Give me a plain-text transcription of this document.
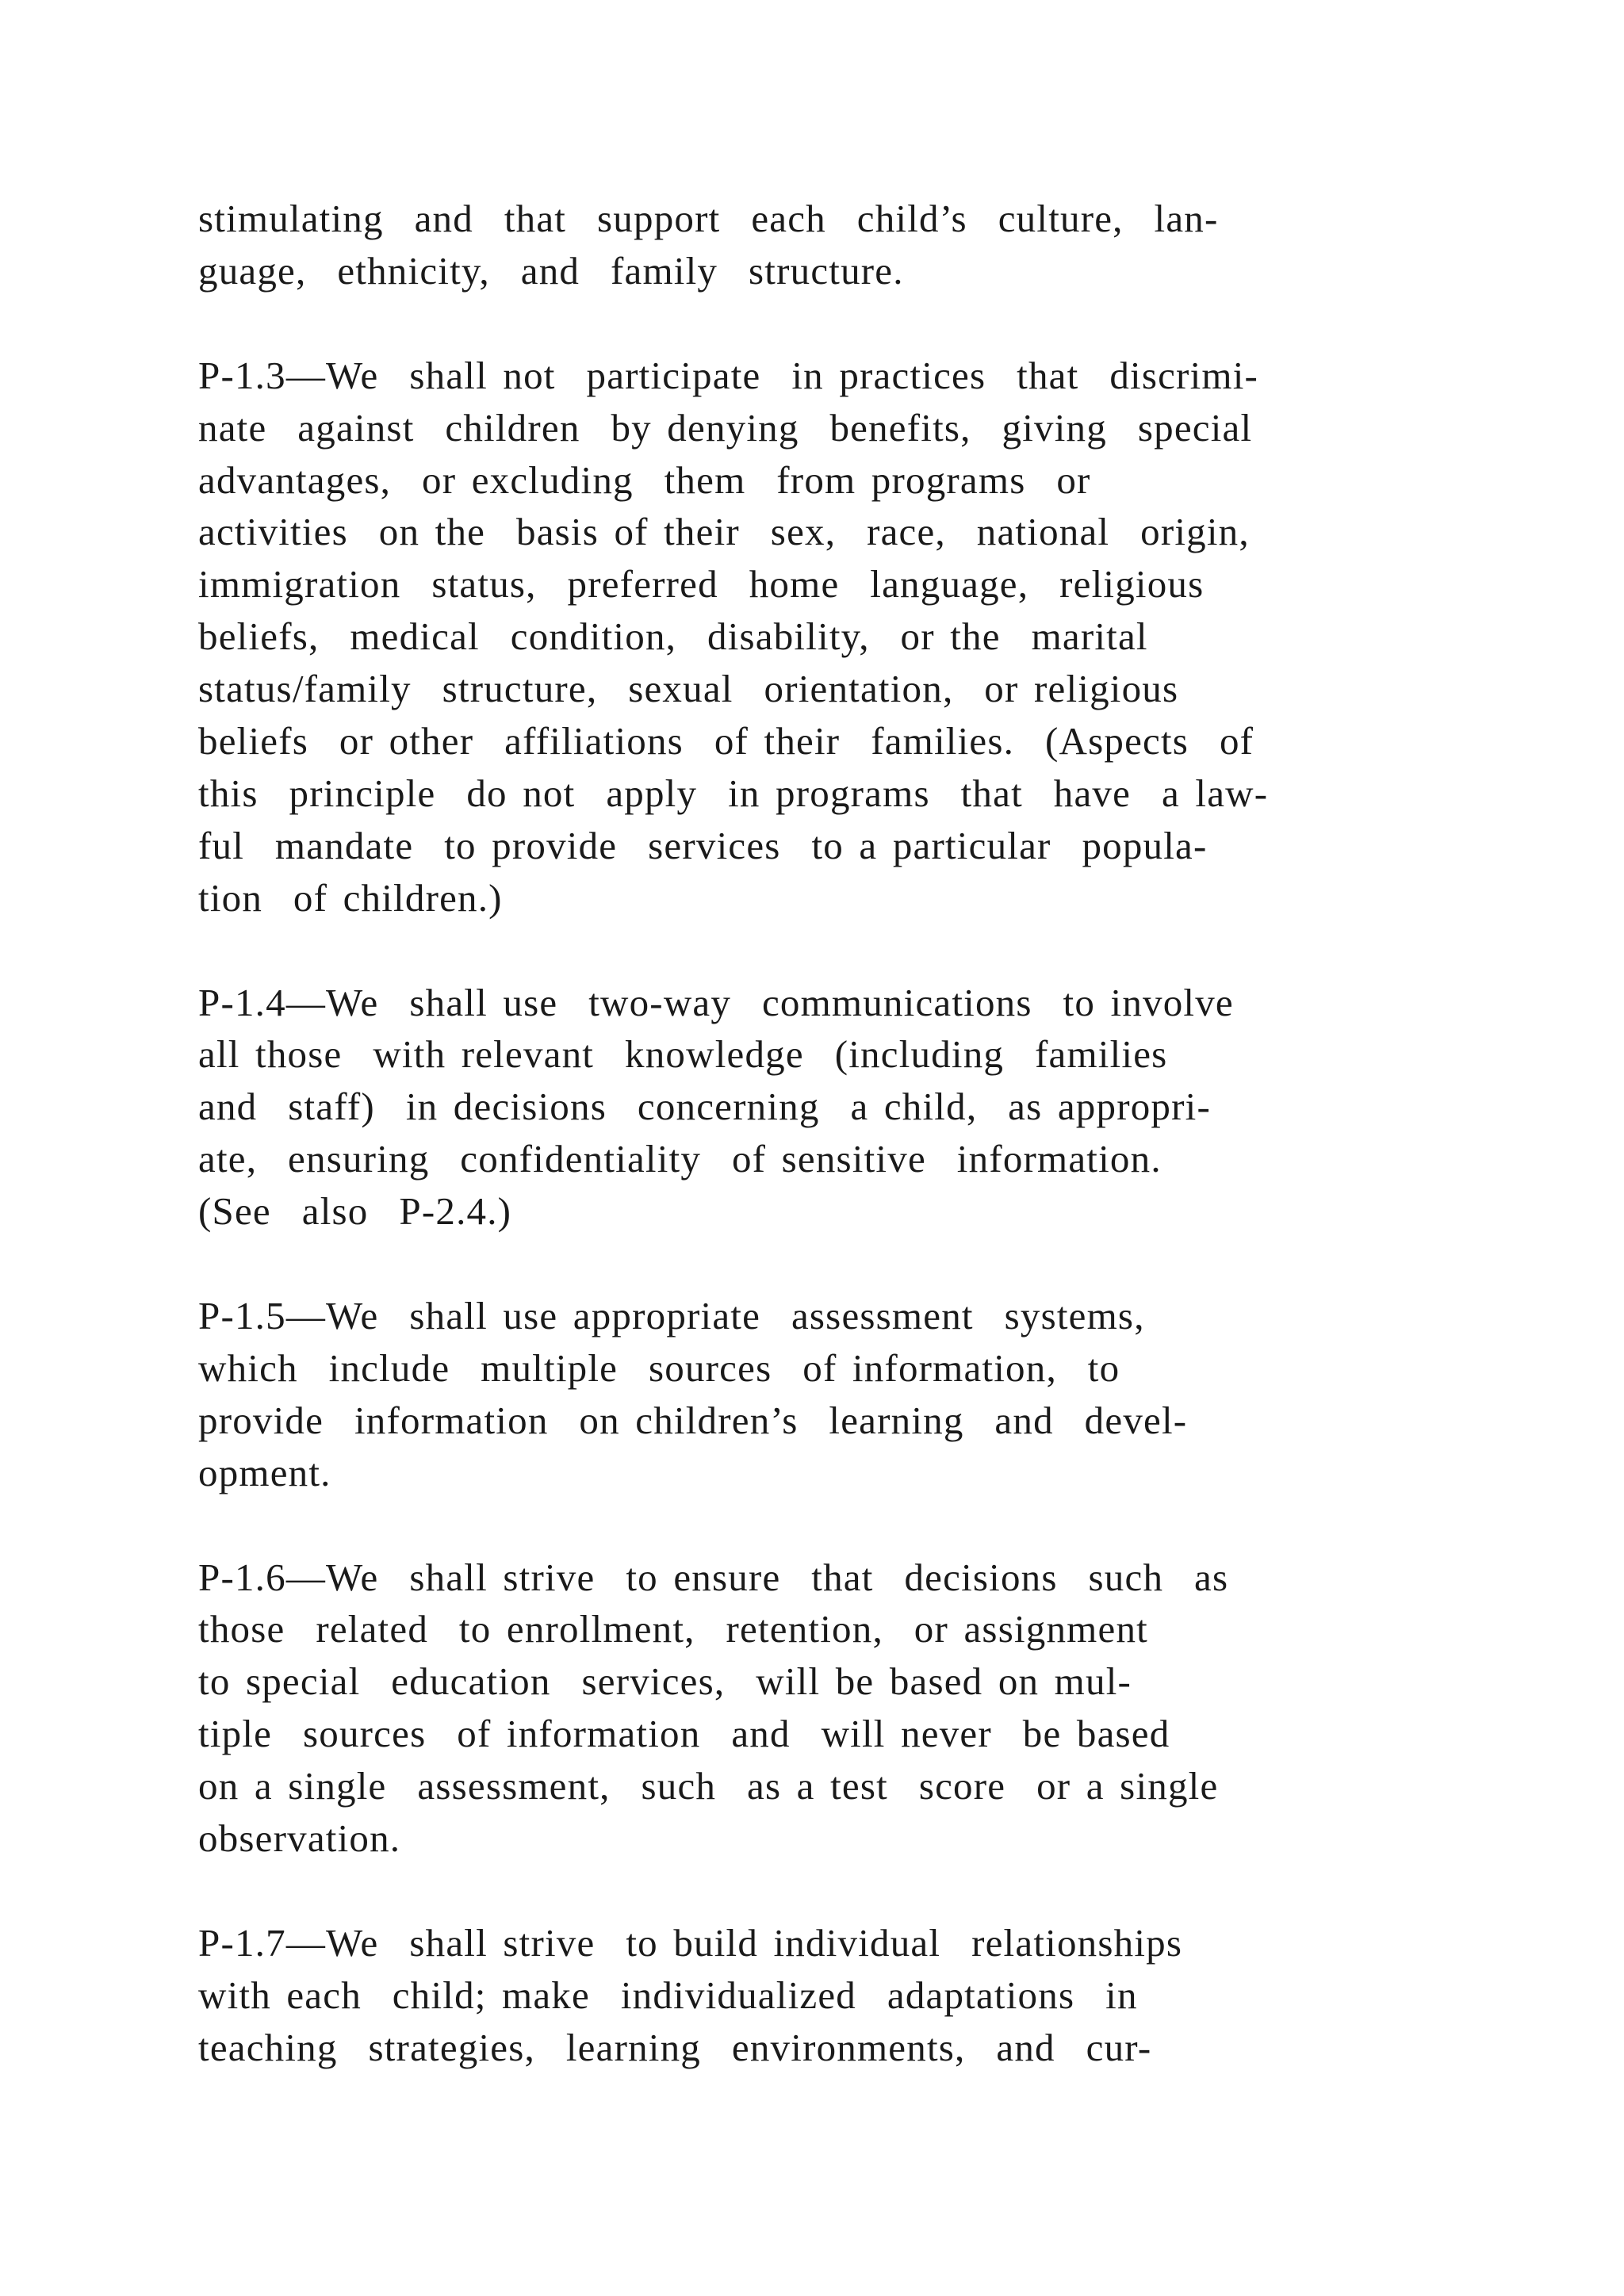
stimulating  and  that  support  each  child’s  culture,  lan-
guage,  ethnicity,  and  family  structure.

P-1.3—We  shall not  participate  in practices  that  discrimi-
nate  against  children  by denying  benefits,  giving  special
advantages,  or excluding  them  from programs  or
activities  on the  basis of their  sex,  race,  national  origin,
immigration  status,  preferred  home  language,  religious
beliefs,  medical  condition,  disability,  or the  marital
status/family  structure,  sexual  orientation,  or religious
beliefs  or other  affiliations  of their  families.  (Aspects  of
this  principle  do not  apply  in programs  that  have  a law-
ful  mandate  to provide  services  to a particular  popula-
tion  of children.)

P-1.4—We  shall use  two-way  communications  to involve
all those  with relevant  knowledge  (including  families
and  staff)  in decisions  concerning  a child,  as appropri-
ate,  ensuring  confidentiality  of sensitive  information.
(See  also  P-2.4.)

P-1.5—We  shall use appropriate  assessment  systems,
which  include  multiple  sources  of information,  to
provide  information  on children’s  learning  and  devel-
opment.

P-1.6—We  shall strive  to ensure  that  decisions  such  as
those  related  to enrollment,  retention,  or assignment
to special  education  services,  will be based on mul-
tiple  sources  of information  and  will never  be based
on a single  assessment,  such  as a test  score  or a single
observation.

P-1.7—We  shall strive  to build individual  relationships
with each  child; make  individualized  adaptations  in
teaching  strategies,  learning  environments,  and  cur-
